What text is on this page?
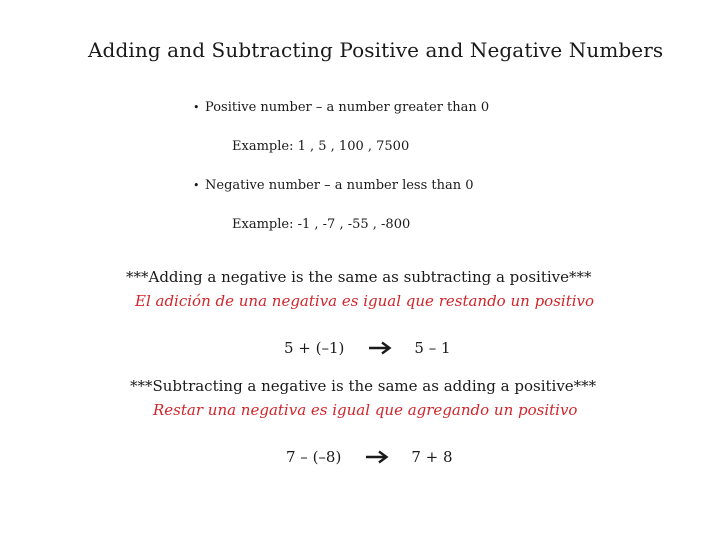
Adding and Subtracting Positive and Negative Numbers
• Positive number – a number greater than 0
Example: 1 , 5 , 100 , 7500
• Negative number – a number less than 0
Example: -1 , -7 , -55 , -800
***Adding a negative is the same as subtracting a positive***
El adición de una negativa es igual que restando un positivo
5 + (–1)	5 – 1
***Subtracting a negative is the same as adding a positive***
Restar una negativa es igual que agregando un positivo
7 – (–8)	7 + 8
